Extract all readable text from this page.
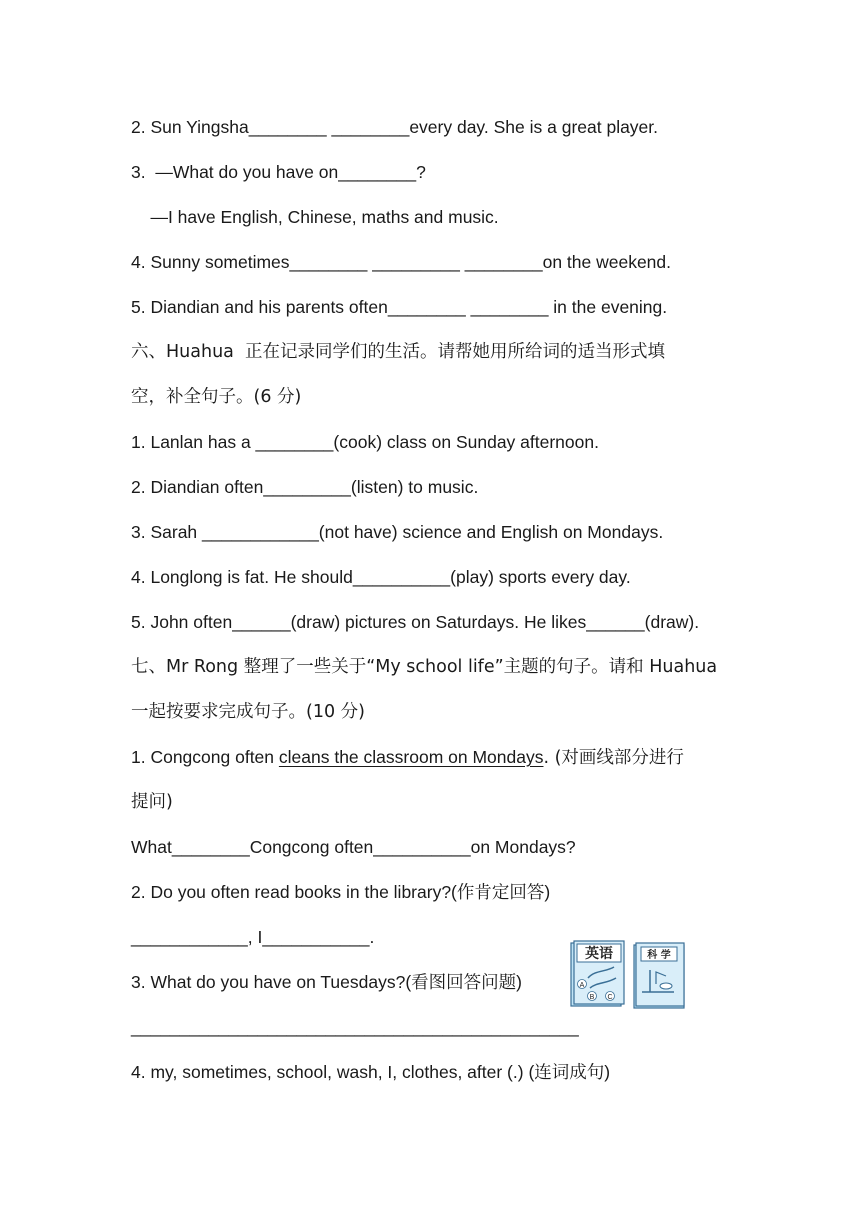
2. Sun Yingsha________ ________every day. She is a great player.
3.  —What do you have on________?
—I have English, Chinese, maths and music.
4. Sunny sometimes________ _________ ________on the weekend.
5. Diandian and his parents often________ ________ in the evening.
六、Huahua  正在记录同学们的生活。请帮她用所给词的适当形式填
空，补全句子。(6 分)
1. Lanlan has a ________(cook) class on Sunday afternoon.
2. Diandian often_________(listen) to music.
3. Sarah ____________(not have) science and English on Mondays.
4. Longlong is fat. He should__________(play) sports every day.
5. John often______(draw) pictures on Saturdays. He likes______(draw).
七、Mr Rong 整理了一些关于“My school life”主题的句子。请和 Huahua
一起按要求完成句子。(10 分)
1. Congcong often cleans the classroom on Mondays. (对画线部分进行
提问)
What________Congcong often__________on Mondays?
2. Do you often read books in the library?(作肯定回答)
____________, I___________.
3. What do you have on Tuesdays?(看图回答问题)
______________________________________________
4. my, sometimes, school, wash, I, clothes, after (.) (连词成句)
英语
A
B C
科 学
